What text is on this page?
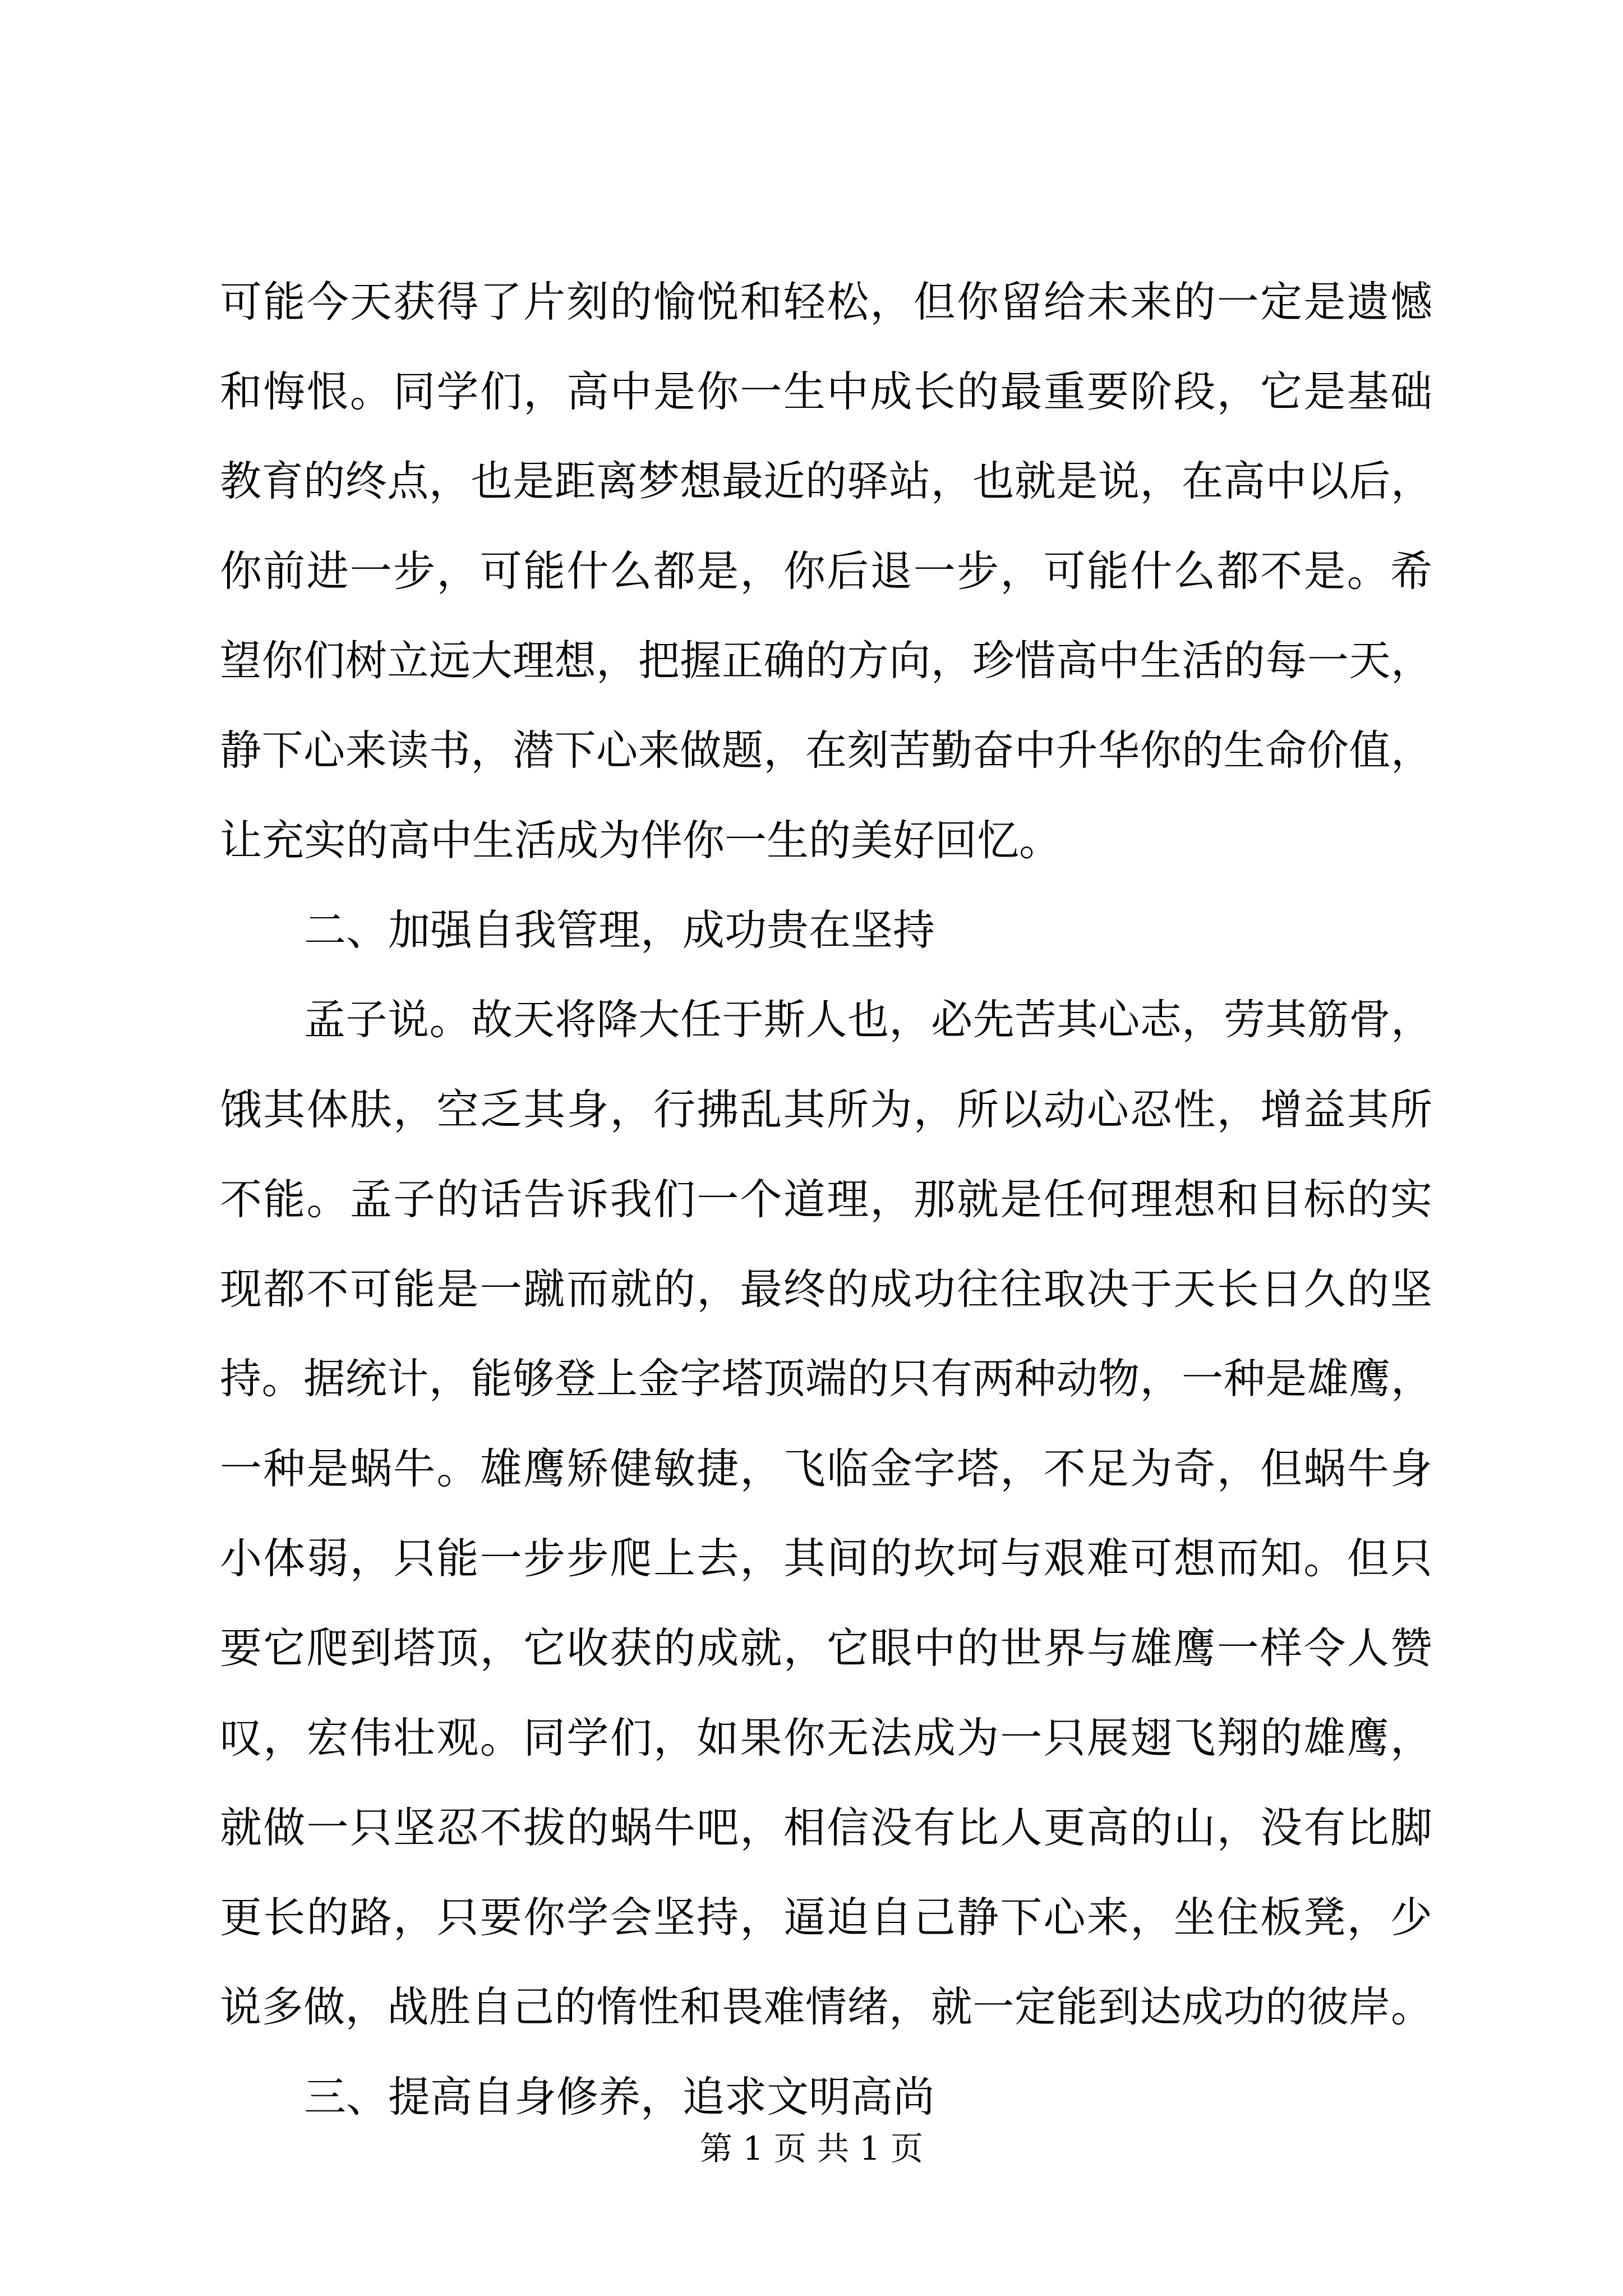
可能今天获得了片刻的愉悦和轻松，但你留给未来的一定是遗憾
和悔恨。同学们，高中是你一生中成长的最重要阶段，它是基础
教育的终点，也是距离梦想最近的驿站，也就是说，在高中以后，
你前进一步，可能什么都是，你后退一步，可能什么都不是。希
望你们树立远大理想，把握正确的方向，珍惜高中生活的每一天，
静下心来读书，潜下心来做题，在刻苦勤奋中升华你的生命价值，
让充实的高中生活成为伴你一生的美好回忆。
二、加强自我管理，成功贵在坚持
孟子说。故天将降大任于斯人也，必先苦其心志，劳其筋骨，
饿其体肤，空乏其身，行拂乱其所为，所以动心忍性，增益其所
不能。孟子的话告诉我们一个道理，那就是任何理想和目标的实
现都不可能是一蹴而就的，最终的成功往往取决于天长日久的坚
持。据统计，能够登上金字塔顶端的只有两种动物，一种是雄鹰，
一种是蜗牛。雄鹰矫健敏捷，飞临金字塔，不足为奇，但蜗牛身
小体弱，只能一步步爬上去，其间的坎坷与艰难可想而知。但只
要它爬到塔顶，它收获的成就，它眼中的世界与雄鹰一样令人赞
叹，宏伟壮观。同学们，如果你无法成为一只展翅飞翔的雄鹰，
就做一只坚忍不拔的蜗牛吧，相信没有比人更高的山，没有比脚
更长的路，只要你学会坚持，逼迫自己静下心来，坐住板凳，少
说多做，战胜自己的惰性和畏难情绪，就一定能到达成功的彼岸。
三、提高自身修养，追求文明高尚
第 1 页 共 1 页
